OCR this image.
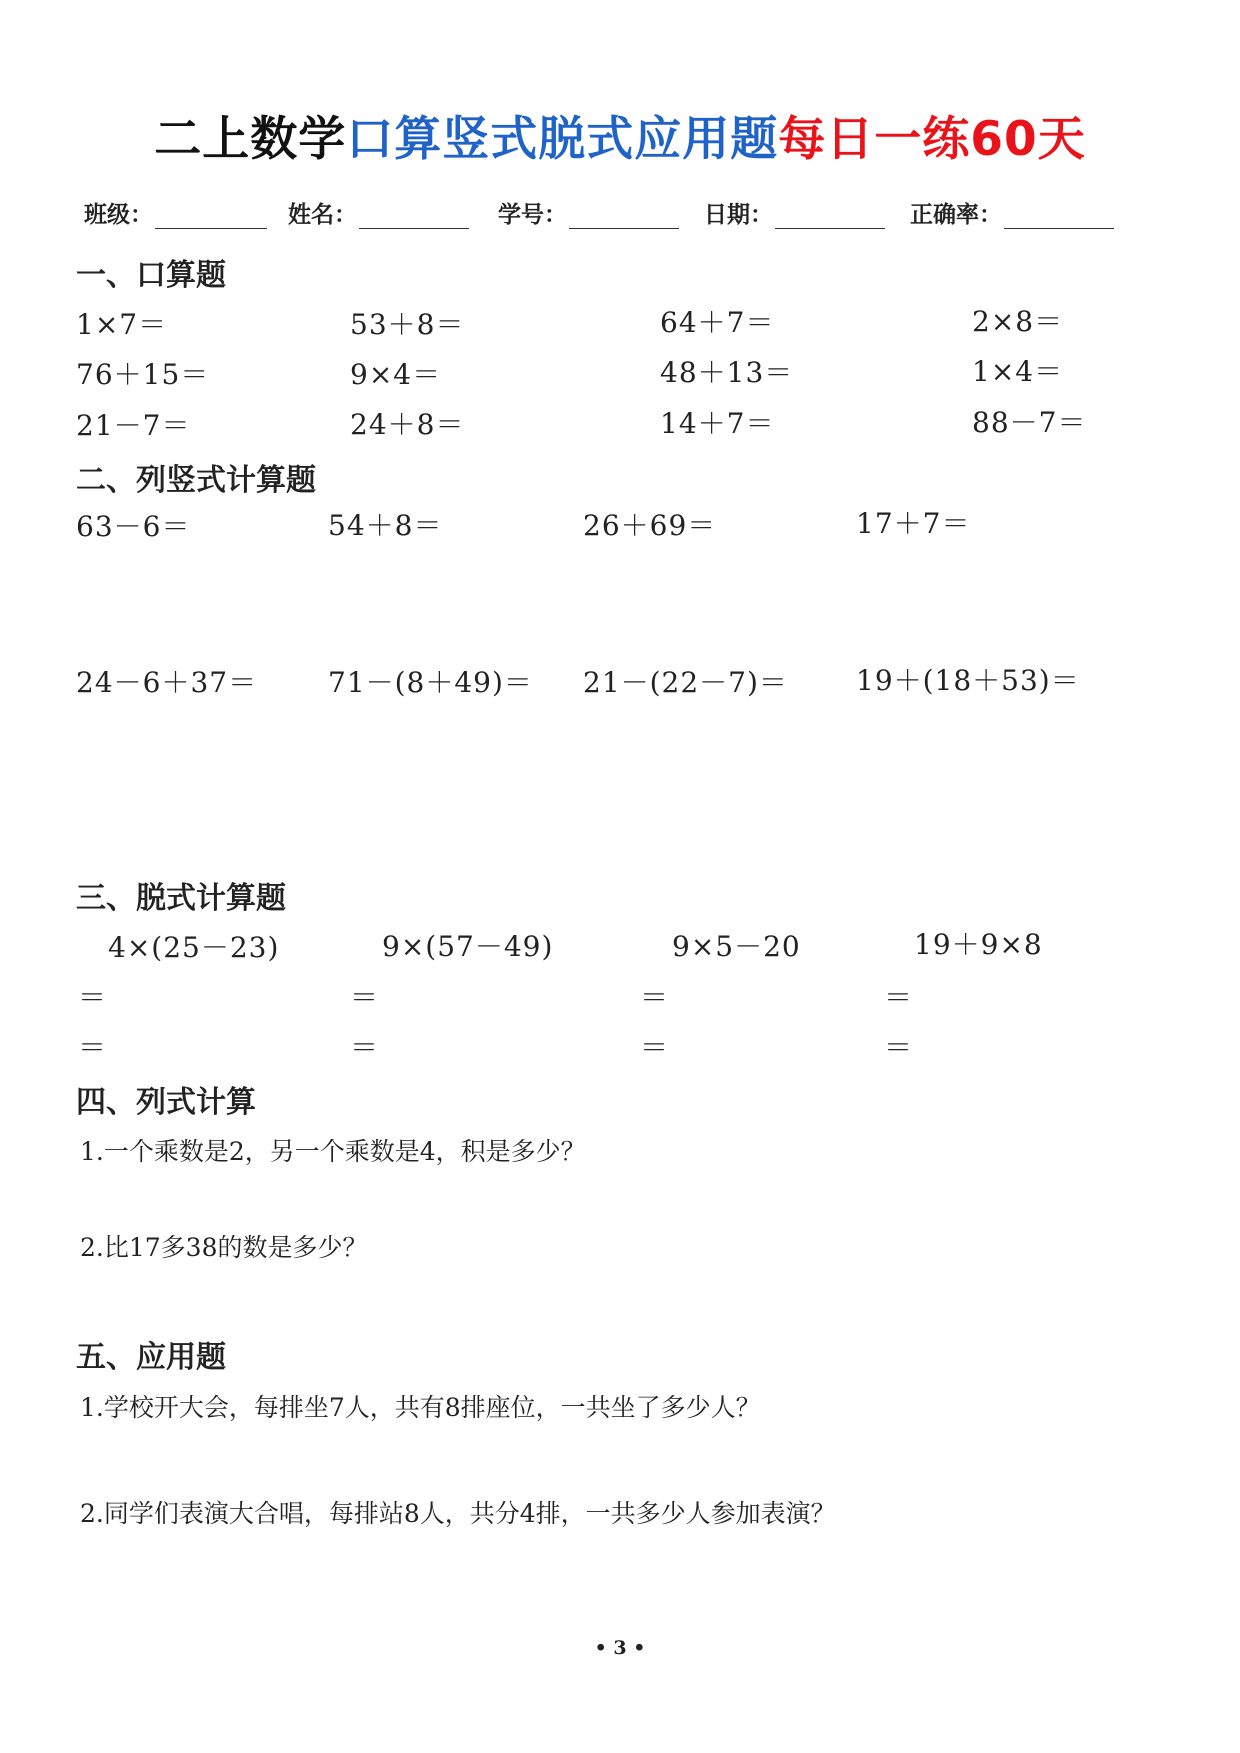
二上数学口算竖式脱式应用题每日一练60天
班级：	姓名：	学号：	日期：	正确率：
一、口算题
1×7＝	53＋8＝	64＋7＝	2×8＝
76＋15＝	9×4＝	48＋13＝	1×4＝
21－7＝	24＋8＝	14＋7＝	88－7＝
二、列竖式计算题
63－6＝	54＋8＝	26＋69＝	17＋7＝
24－6＋37＝	71－(8＋49)＝ 21－(22－7)＝ 19＋(18＋53)＝
三、脱式计算题
4×(25－23)	9×(57－49)	9×5－20	19＋9×8
＝	＝	＝	＝
＝	＝	＝	＝
四、列式计算
1.一个乘数是2，另一个乘数是4，积是多少？
2.比17多38的数是多少？
五、应用题
1.学校开大会，每排坐7人，共有8排座位，一共坐了多少人？
2.同学们表演大合唱，每排站8人，共分4排，一共多少人参加表演？
• 3 •
